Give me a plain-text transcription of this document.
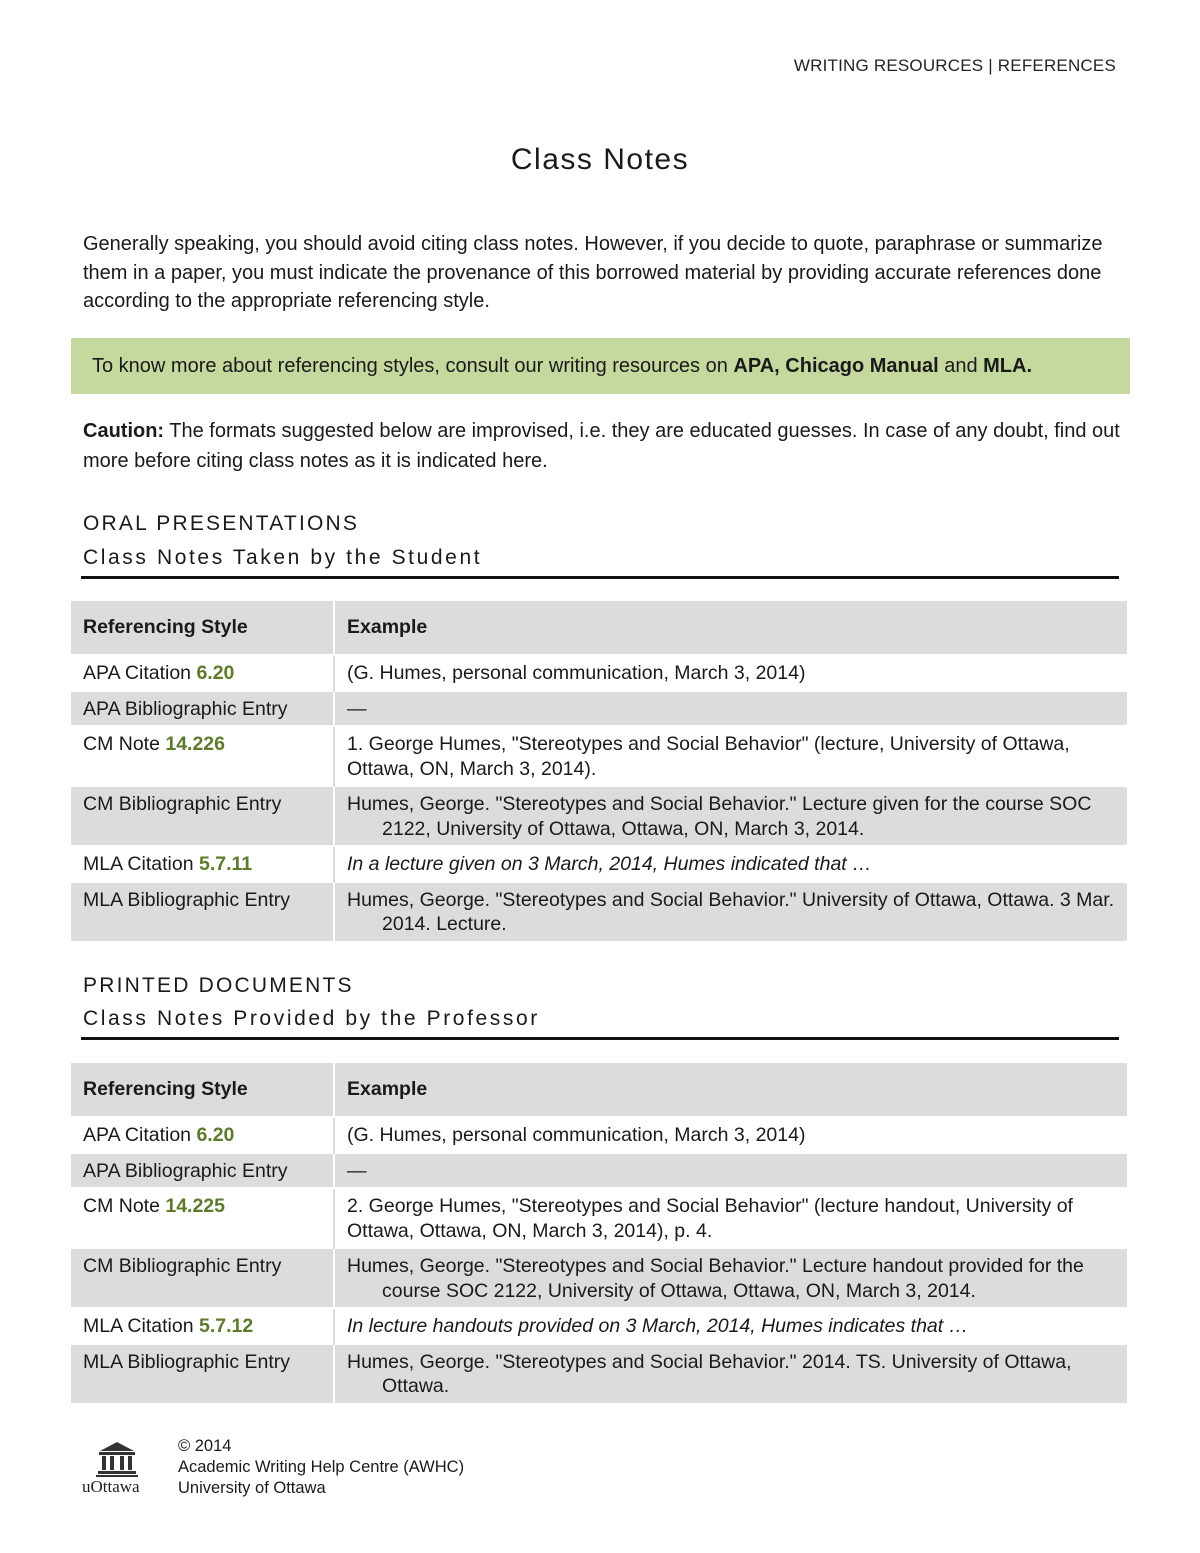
WRITING RESOURCES | REFERENCES
Class Notes
Generally speaking, you should avoid citing class notes. However, if you decide to quote, paraphrase or summarize them in a paper, you must indicate the provenance of this borrowed material by providing accurate references done according to the appropriate referencing style.
To know more about referencing styles, consult our writing resources on APA, Chicago Manual and MLA.
Caution: The formats suggested below are improvised, i.e. they are educated guesses. In case of any doubt, find out more before citing class notes as it is indicated here.
ORAL PRESENTATIONS
Class Notes Taken by the Student
Referencing Style	Example
APA Citation 6.20	(G. Humes, personal communication, March 3, 2014)
APA Bibliographic Entry	—
CM Note 14.226	1. George Humes, "Stereotypes and Social Behavior" (lecture, University of Ottawa, Ottawa, ON, March 3, 2014).
CM Bibliographic Entry	Humes, George. "Stereotypes and Social Behavior." Lecture given for the course SOC 2122, University of Ottawa, Ottawa, ON, March 3, 2014.

MLA Citation 5.7.11	In a lecture given on 3 March, 2014, Humes indicated that …
MLA Bibliographic Entry	Humes, George. "Stereotypes and Social Behavior." University of Ottawa, Ottawa. 3 Mar. 2014. Lecture.
PRINTED DOCUMENTS
Class Notes Provided by the Professor
Referencing Style	Example
APA Citation 6.20	(G. Humes, personal communication, March 3, 2014)
APA Bibliographic Entry	—
CM Note 14.225	2. George Humes, "Stereotypes and Social Behavior" (lecture handout, University of Ottawa, Ottawa, ON, March 3, 2014), p. 4.
CM Bibliographic Entry	Humes, George. "Stereotypes and Social Behavior." Lecture handout provided for the course SOC 2122, University of Ottawa, Ottawa, ON, March 3, 2014.

MLA Citation 5.7.12	In lecture handouts provided on 3 March, 2014, Humes indicates that …
MLA Bibliographic Entry	Humes, George. "Stereotypes and Social Behavior." 2014. TS. University of Ottawa, Ottawa.
uOttawa
© 2014
Academic Writing Help Centre (AWHC)
University of Ottawa
